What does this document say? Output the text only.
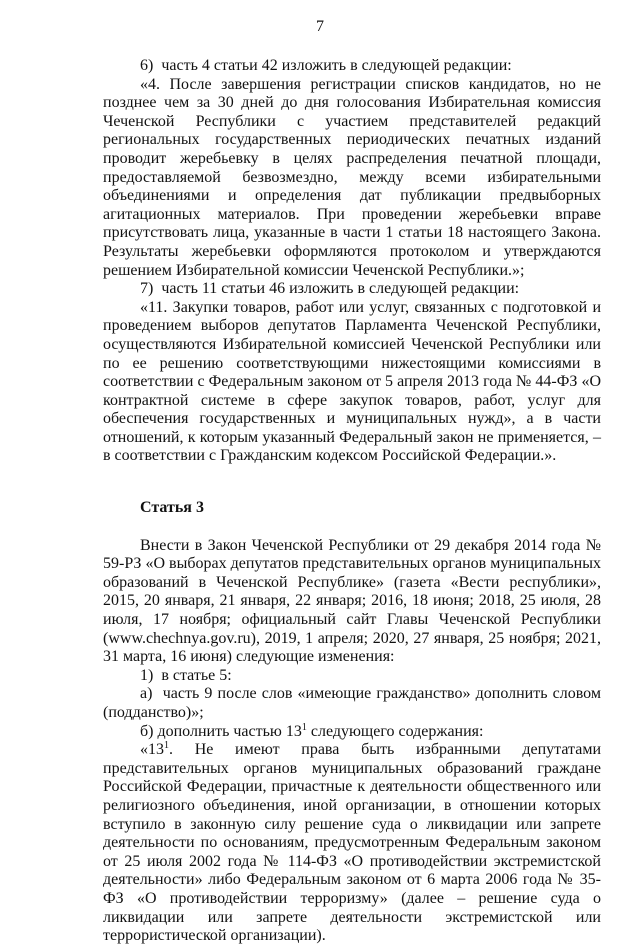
7

6)  часть 4 статьи 42 изложить в следующей редакции:

«4. После завершения регистрации списков кандидатов, но не позднее чем за 30 дней до дня голосования Избирательная комиссия Чеченской Республики с участием представителей редакций региональных государственных периодических печатных изданий проводит жеребьевку в целях распределения печатной площади, предоставляемой безвозмездно, между всеми избирательными объединениями и определения дат публикации предвыборных агитационных материалов. При проведении жеребьевки вправе присутствовать лица, указанные в части 1 статьи 18 настоящего Закона. Результаты жеребьевки оформляются протоколом и утверждаются решением Избирательной комиссии Чеченской Республики.»;

7)  часть 11 статьи 46 изложить в следующей редакции:

«11. Закупки товаров, работ или услуг, связанных с подготовкой и проведением выборов депутатов Парламента Чеченской Республики, осуществляются Избирательной комиссией Чеченской Республики или по ее решению соответствующими нижестоящими комиссиями в соответствии с Федеральным законом от 5 апреля 2013 года № 44-ФЗ «О контрактной системе в сфере закупок товаров, работ, услуг для обеспечения государственных и муниципальных нужд», а в части отношений, к которым указанный Федеральный закон не применяется, – в соответствии с Гражданским кодексом Российской Федерации.».

Статья 3

Внести в Закон Чеченской Республики от 29 декабря 2014 года № 59-РЗ «О выборах депутатов представительных органов муниципальных образований в Чеченской Республике» (газета «Вести республики», 2015, 20 января, 21 января, 22 января; 2016, 18 июня; 2018, 25 июля, 28 июля, 17 ноября; официальный сайт Главы Чеченской Республики (www.chechnya.gov.ru), 2019, 1 апреля; 2020, 27 января, 25 ноября; 2021, 31 марта, 16 июня) следующие изменения:

1)  в статье 5:

а)  часть 9 после слов «имеющие гражданство» дополнить словом (подданство)»;

б) дополнить частью $13^1$ следующего содержания:

«$13^1$. Не имеют права быть избранными депутатами представительных органов муниципальных образований граждане Российской Федерации, причастные к деятельности общественного или религиозного объединения, иной организации, в отношении которых вступило в законную силу решение суда о ликвидации или запрете деятельности по основаниям, предусмотренным Федеральным законом от 25 июля 2002 года № 114-ФЗ «О противодействии экстремистской деятельности» либо Федеральным законом от 6 марта 2006 года № 35-ФЗ «О противодействии терроризму» (далее – решение суда о ликвидации или запрете деятельности экстремистской или террористической организации).
